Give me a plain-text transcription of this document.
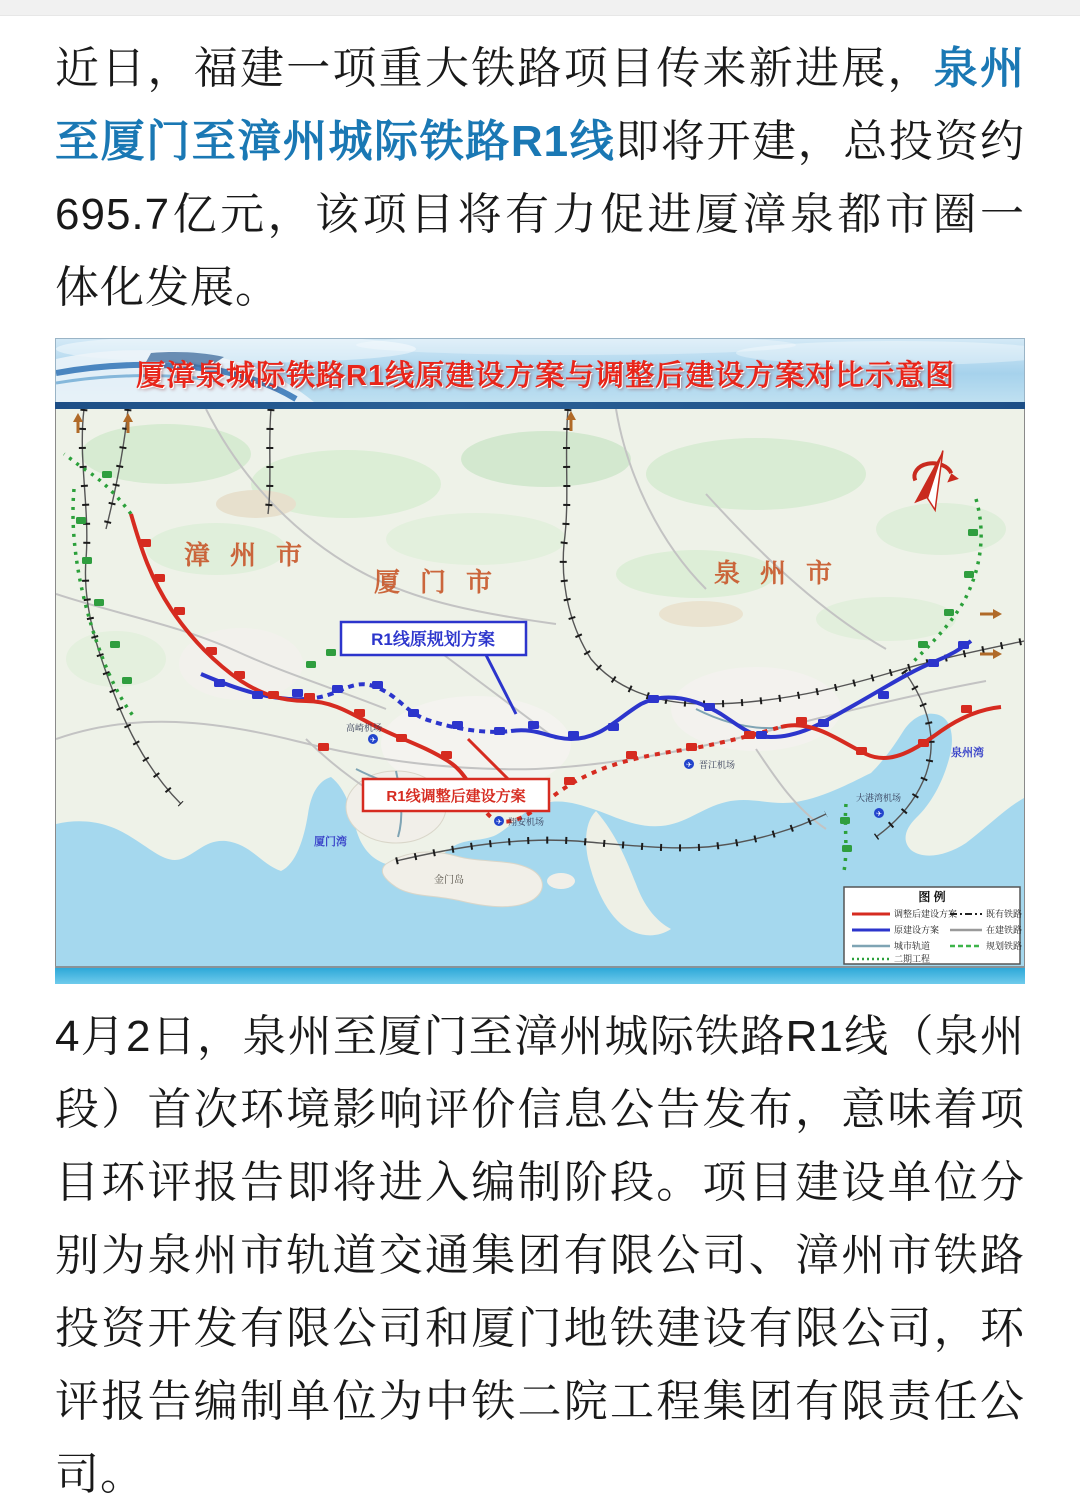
近日，福建一项重大铁路项目传来新进展，泉州至厦门至漳州城际铁路R1线即将开建，总投资约695.7亿元，该项目将有力促进厦漳泉都市圈一体化发展。

厦漳泉城际铁路R1线原建设方案与调整后建设方案对比示意图
✈
高崎机场
✈ 翔安机场
✈ 晋江机场
✈
大港湾机场
厦门湾
泉州湾
金门岛
漳州市
厦门市	泉州市
R1线原规划方案
R1线调整后建设方案
图 例
调整后建设方案
原建设方案
城市轨道
二期工程
既有铁路
在建铁路
规划铁路

4月2日，泉州至厦门至漳州城际铁路R1线（泉州段）首次环境影响评价信息公告发布，意味着项目环评报告即将进入编制阶段。项目建设单位分别为泉州市轨道交通集团有限公司、漳州市铁路投资开发有限公司和厦门地铁建设有限公司，环评报告编制单位为中铁二院工程集团有限责任公司。
